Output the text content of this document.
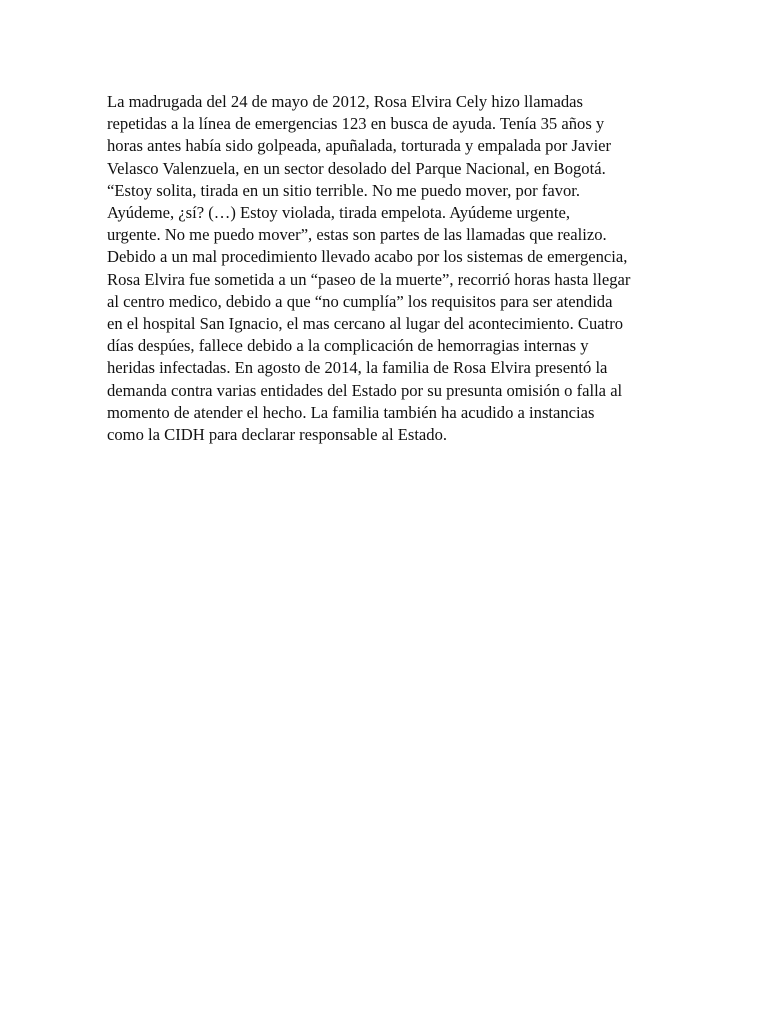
La madrugada del 24 de mayo de 2012, Rosa Elvira Cely hizo llamadas
repetidas a la línea de emergencias 123 en busca de ayuda. Tenía 35 años y
horas antes había sido golpeada, apuñalada, torturada y empalada por Javier
Velasco Valenzuela, en un sector desolado del Parque Nacional, en Bogotá.
“Estoy solita, tirada en un sitio terrible. No me puedo mover, por favor.
Ayúdeme, ¿sí? (…) Estoy violada, tirada empelota. Ayúdeme urgente,
urgente. No me puedo mover”, estas son partes de las llamadas que realizo.
Debido a un mal procedimiento llevado acabo por los sistemas de emergencia,
Rosa Elvira fue sometida a un “paseo de la muerte”, recorrió horas hasta llegar
al centro medico, debido a que “no cumplía” los requisitos para ser atendida
en el hospital San Ignacio, el mas cercano al lugar del acontecimiento. Cuatro
días despúes, fallece debido a la complicación de hemorragias internas y
heridas infectadas. En agosto de 2014, la familia de Rosa Elvira presentó la
demanda contra varias entidades del Estado por su presunta omisión o falla al
momento de atender el hecho. La familia también ha acudido a instancias
como la CIDH para declarar responsable al Estado.
